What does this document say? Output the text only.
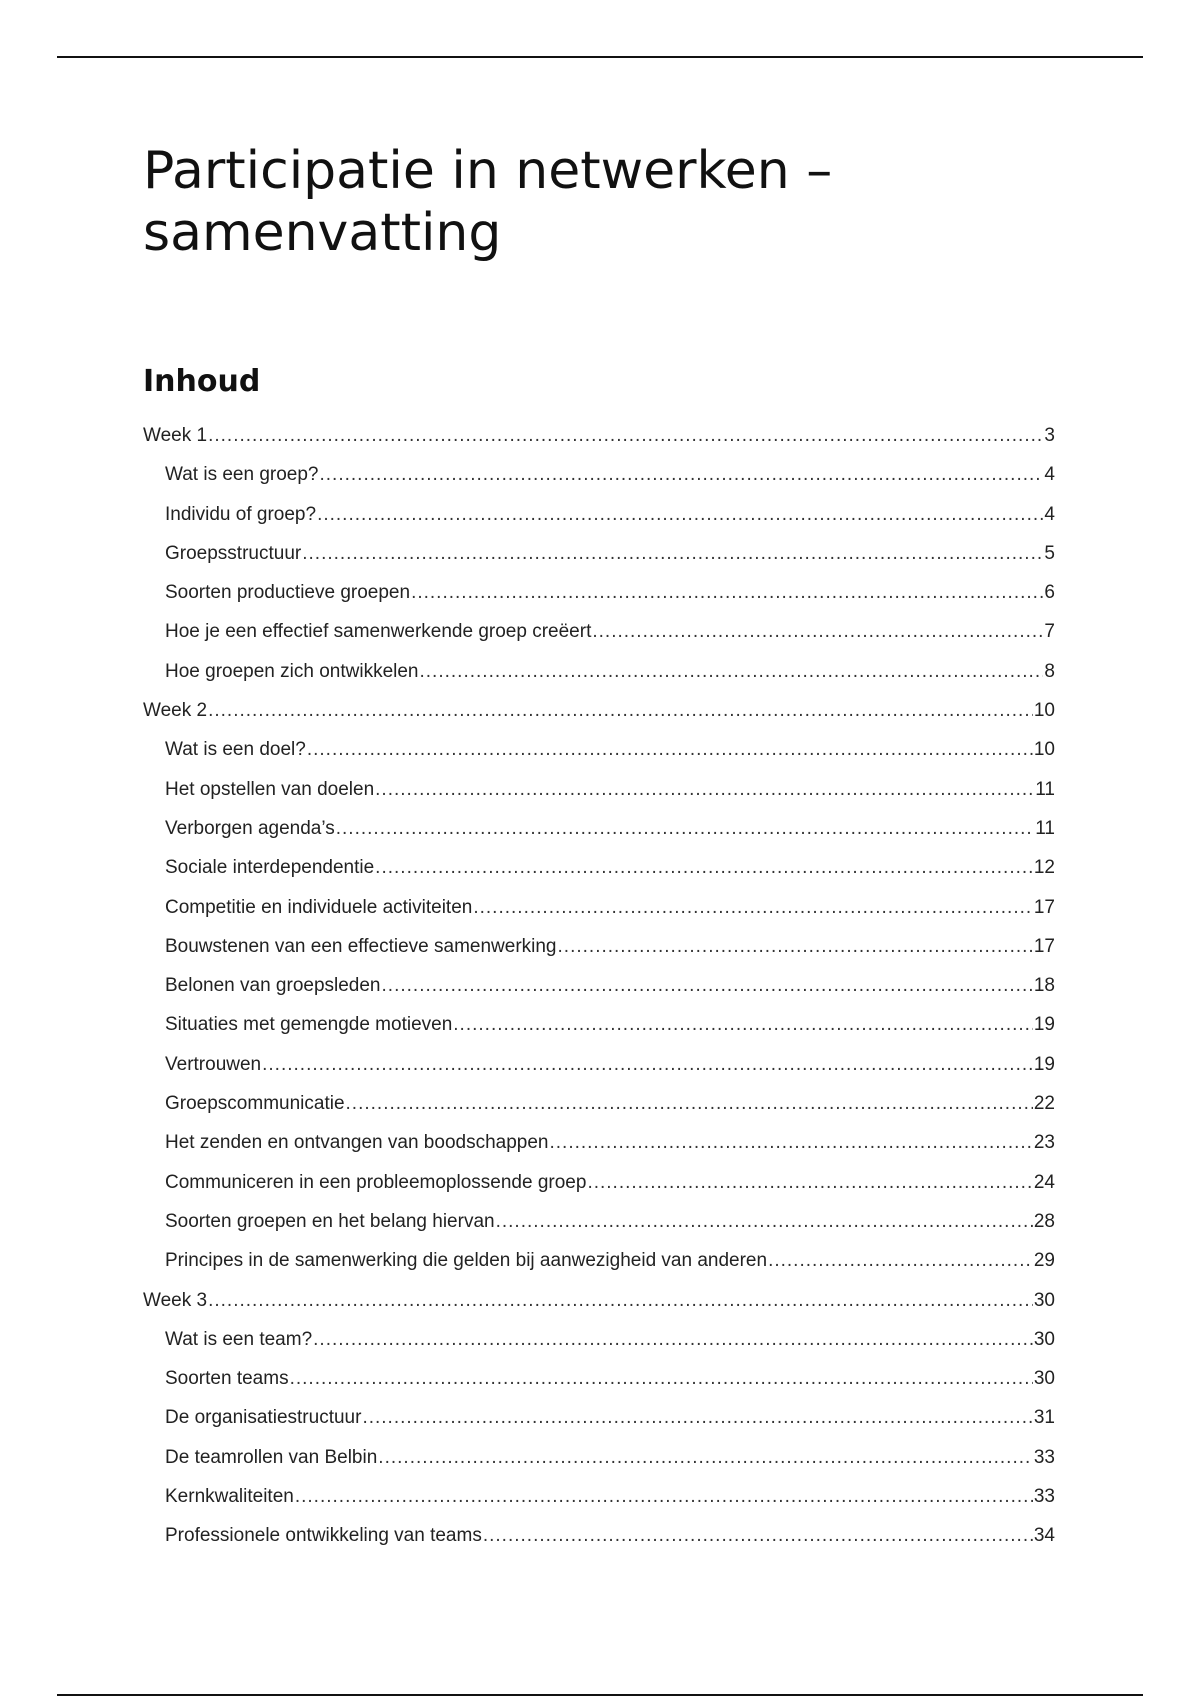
Participatie in netwerken –
samenvatting
Inhoud
Week 1 .....	3
Wat is een groep? .....	4
Individu of groep? .....	4
Groepsstructuur .....	5
Soorten productieve groepen .....	6
Hoe je een effectief samenwerkende groep creëert .....	7
Hoe groepen zich ontwikkelen .....	8
Week 2 .....	10
Wat is een doel? .....	10
Het opstellen van doelen .....	11
Verborgen agenda’s .....	11
Sociale interdependentie .....	12
Competitie en individuele activiteiten .....	17
Bouwstenen van een effectieve samenwerking .....	17
Belonen van groepsleden .....	18
Situaties met gemengde motieven .....	19
Vertrouwen .....	19
Groepscommunicatie .....	22
Het zenden en ontvangen van boodschappen .....	23
Communiceren in een probleemoplossende groep .....	24
Soorten groepen en het belang hiervan .....	28
Principes in de samenwerking die gelden bij aanwezigheid van anderen .....	29
Week 3 .....	30
Wat is een team? .....	30
Soorten teams .....	30
De organisatiestructuur .....	31
De teamrollen van Belbin .....	33
Kernkwaliteiten .....	33
Professionele ontwikkeling van teams .....	34
